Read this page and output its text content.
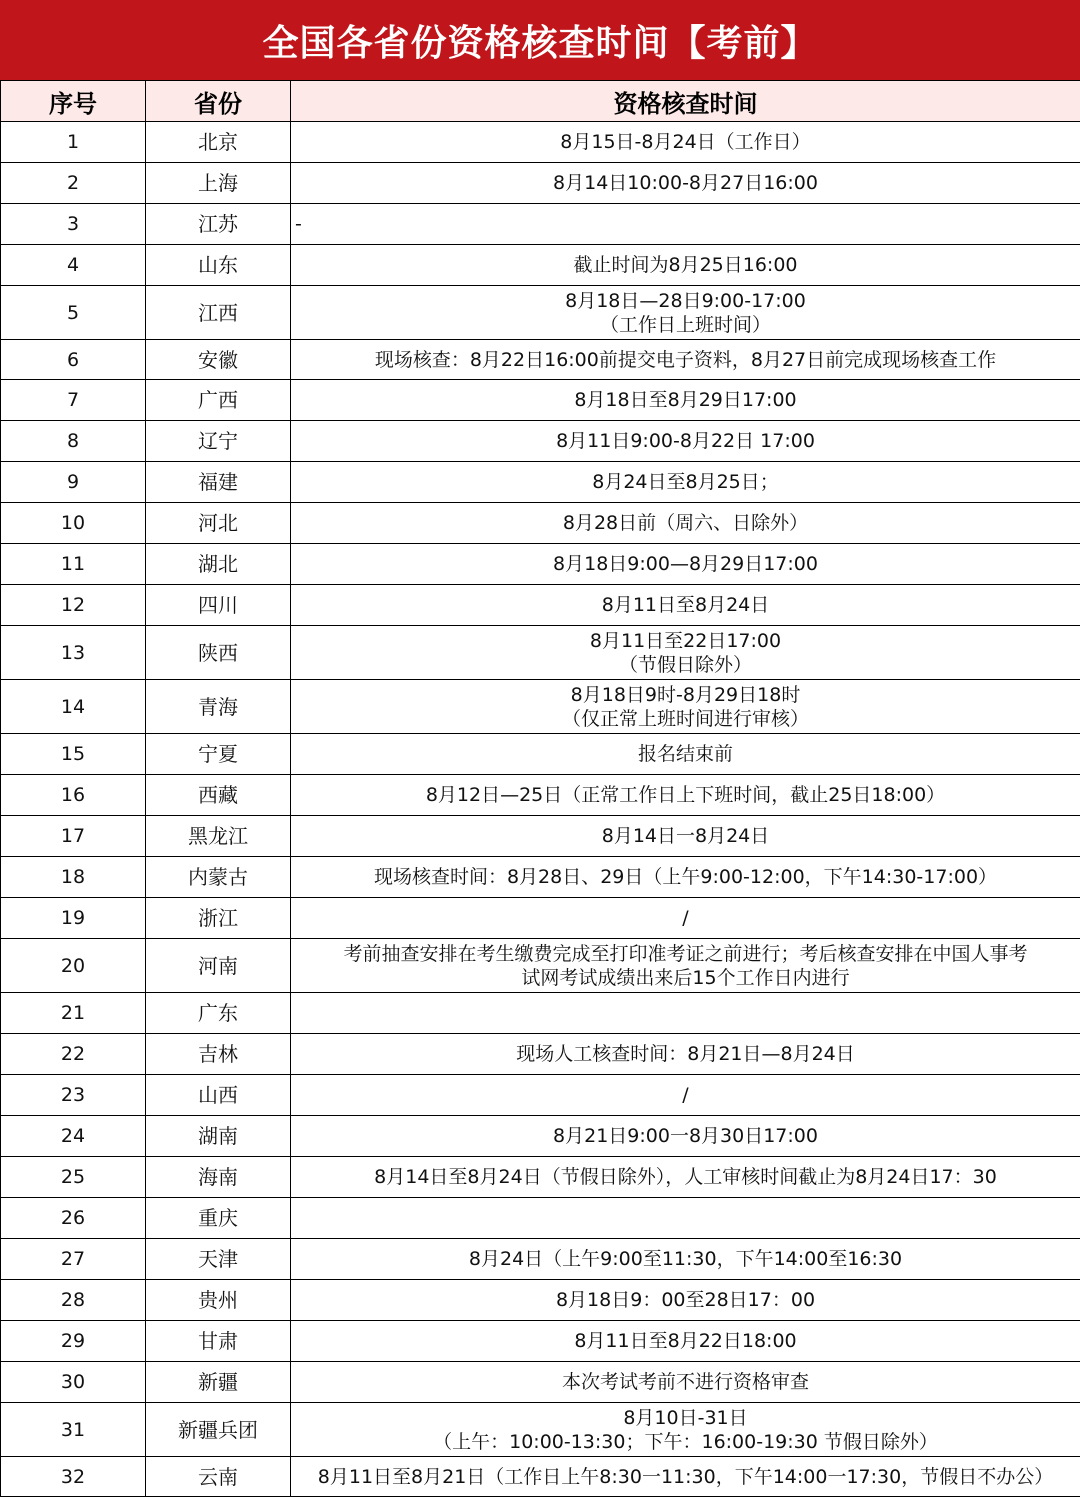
全国各省份资格核查时间【考前】
序号	省份	资格核查时间
1	北京	8月15日-8月24日（工作日）
2	上海	8月14日10:00-8月27日16:00
3	江苏	-
4	山东	截止时间为8月25日16:00
5	江西	8月18日—28日9:00-17:00
（工作日上班时间）
6	安徽	现场核查：8月22日16:00前提交电子资料，8月27日前完成现场核查工作
7	广西	8月18日至8月29日17:00
8	辽宁	8月11日9:00-8月22日 17:00
9	福建	8月24日至8月25日；
10	河北	8月28日前（周六、日除外）
11	湖北	8月18日9:00—8月29日17:00
12	四川	8月11日至8月24日
13	陕西	8月11日至22日17:00
（节假日除外）
14	青海	8月18日9时-8月29日18时
（仅正常上班时间进行审核）
15	宁夏	报名结束前
16	西藏	8月12日—25日（正常工作日上下班时间，截止25日18:00）
17	黑龙江	8月14日一8月24日
18	内蒙古	现场核查时间：8月28日、29日（上午9:00-12:00，下午14:30-17:00）
19	浙江	/
20	河南	考前抽查安排在考生缴费完成至打印准考证之前进行；考后核查安排在中国人事考
试网考试成绩出来后15个工作日内进行
21	广东	
22	吉林	现场人工核查时间：8月21日—8月24日
23	山西	/
24	湖南	8月21日9:00一8月30日17:00
25	海南	8月14日至8月24日（节假日除外），人工审核时间截止为8月24日17：30
26	重庆	
27	天津	8月24日（上午9:00至11:30，下午14:00至16:30
28	贵州	8月18日9：00至28日17：00
29	甘肃	8月11日至8月22日18:00
30	新疆	本次考试考前不进行资格审查
31	新疆兵团	8月10日-31日
（上午：10:00-13:30；下午：16:00-19:30 节假日除外）
32	云南	8月11日至8月21日（工作日上午8:30一11:30，下午14:00一17:30，节假日不办公）
